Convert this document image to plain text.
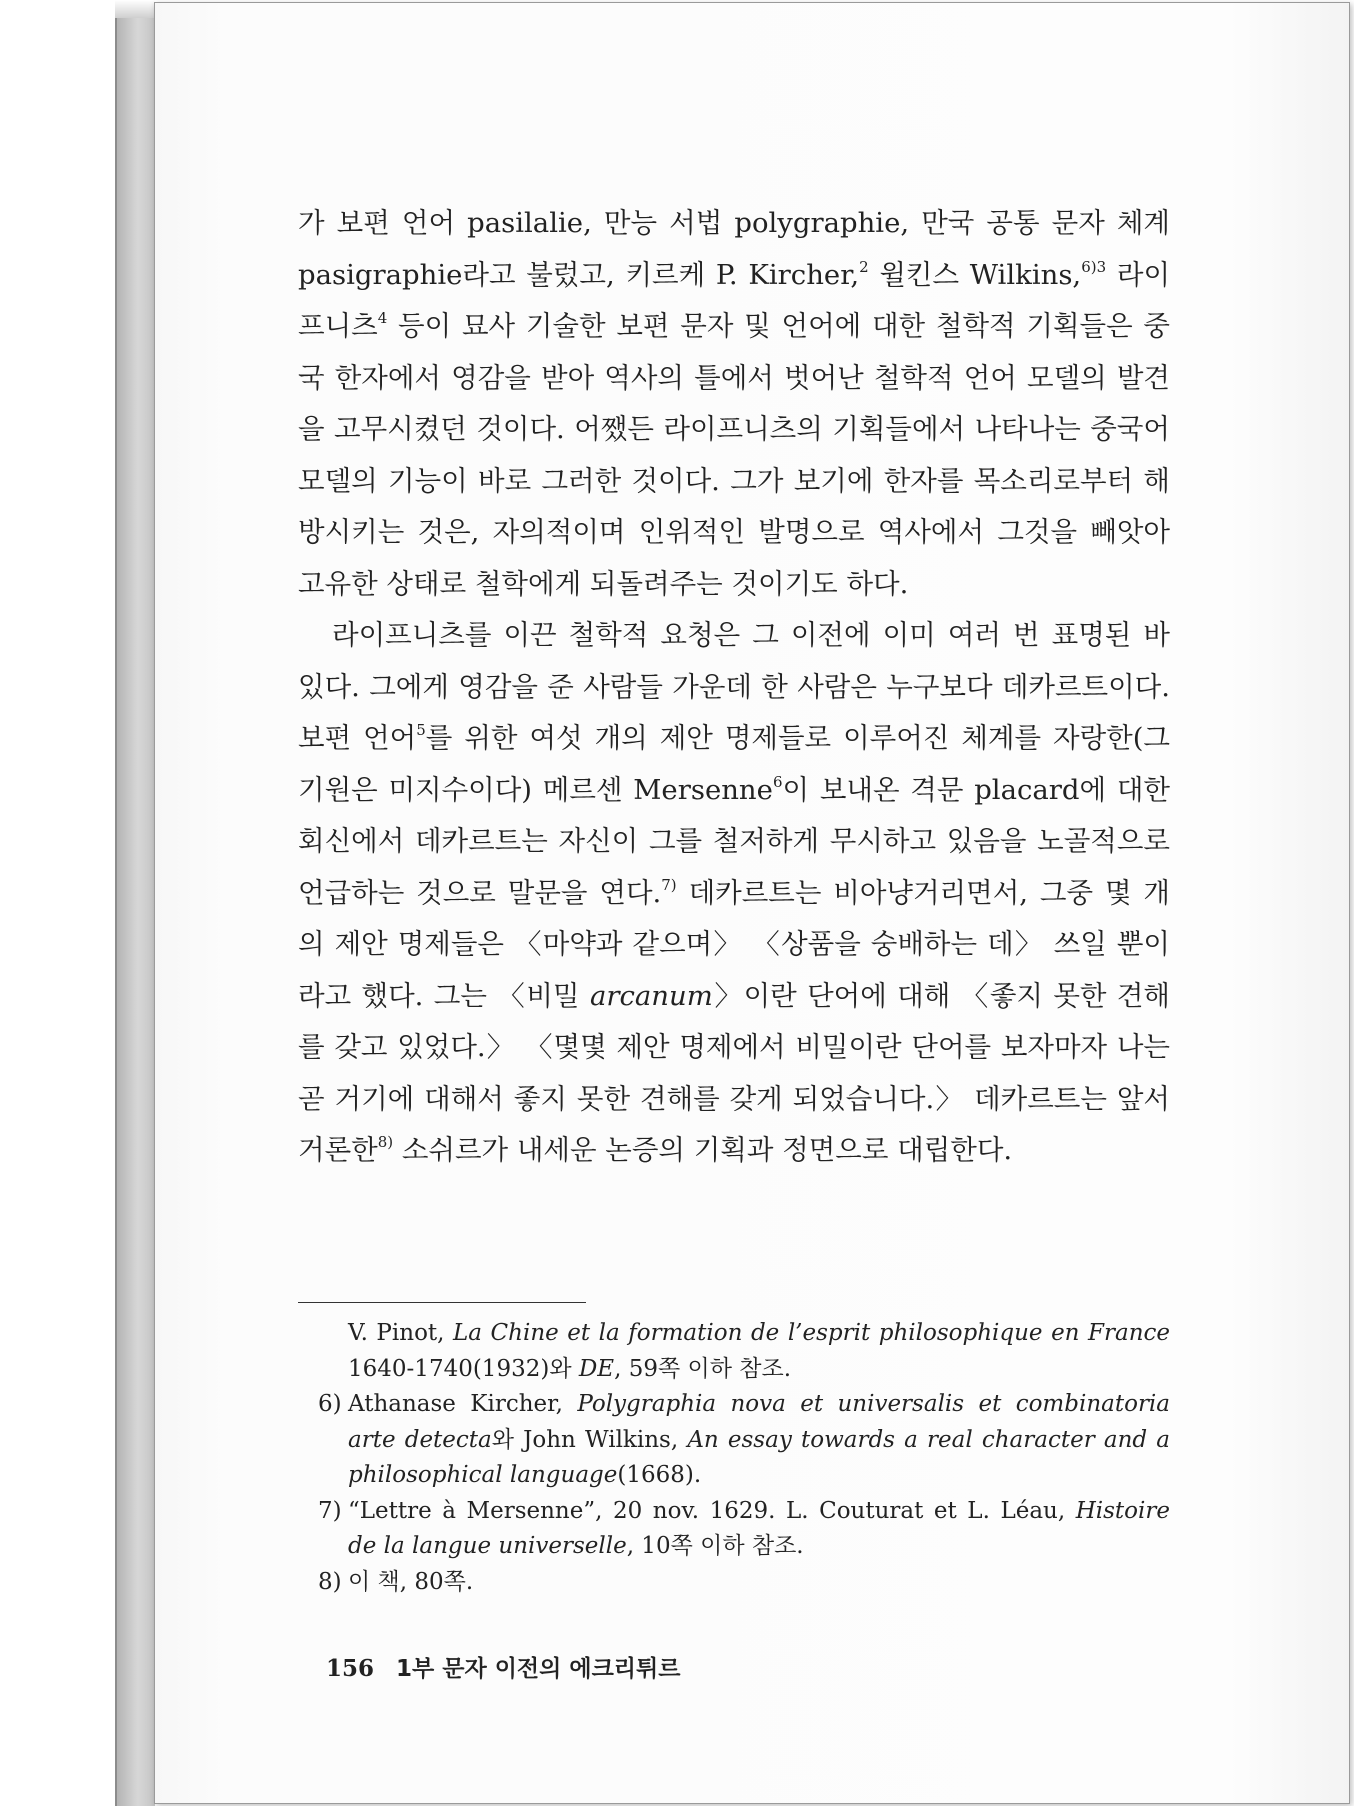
가 보편 언어 pasilalie, 만능 서법 polygraphie, 만국 공통 문자 체계 pasigraphie라고 불렀고, 키르케 P. Kircher,$^2$ 윌킨스 Wilkins,$^{6)3}$ 라이프니츠$^4$ 등이 묘사 기술한 보편 문자 및 언어에 대한 철학적 기획들은 중국 한자에서 영감을 받아 역사의 틀에서 벗어난 철학적 언어 모델의 발견을 고무시켰던 것이다. 어쨌든 라이프니츠의 기획들에서 나타나는 중국어 모델의 기능이 바로 그러한 것이다. 그가 보기에 한자를 목소리로부터 해방시키는 것은, 자의적이며 인위적인 발명으로 역사에서 그것을 빼앗아 고유한 상태로 철학에게 되돌려주는 것이기도 하다.

라이프니츠를 이끈 철학적 요청은 그 이전에 이미 여러 번 표명된 바 있다. 그에게 영감을 준 사람들 가운데 한 사람은 누구보다 데카르트이다. 보편 언어$^5$를 위한 여섯 개의 제안 명제들로 이루어진 체계를 자랑한(그 기원은 미지수이다) 메르센 Mersenne$^6$이 보내온 격문 placard에 대한 회신에서 데카르트는 자신이 그를 철저하게 무시하고 있음을 노골적으로 언급하는 것으로 말문을 연다.$^{7)}$ 데카르트는 비아냥거리면서, 그중 몇 개의 제안 명제들은 〈마약과 같으며〉 〈상품을 숭배하는 데〉 쓰일 뿐이라고 했다. 그는 〈비밀 arcanum〉이란 단어에 대해 〈좋지 못한 견해를 갖고 있었다.〉 〈몇몇 제안 명제에서 비밀이란 단어를 보자마자 나는 곧 거기에 대해서 좋지 못한 견해를 갖게 되었습니다.〉 데카르트는 앞서 거론한$^{8)}$ 소쉬르가 내세운 논증의 기획과 정면으로 대립한다.

V. Pinot, La Chine et la formation de l’esprit philosophique en France 1640-1740(1932)와 DE, 59쪽 이하 참조.

6) Athanase Kircher, Polygraphia nova et universalis et combinatoria arte detecta와 John Wilkins, An essay towards a real character and a philosophical language(1668).

7) “Lettre à Mersenne”, 20 nov. 1629. L. Couturat et L. Léau, Histoire de la langue universelle, 10쪽 이하 참조.

8) 이 책, 80쪽.

156 1부 문자 이전의 에크리튀르
